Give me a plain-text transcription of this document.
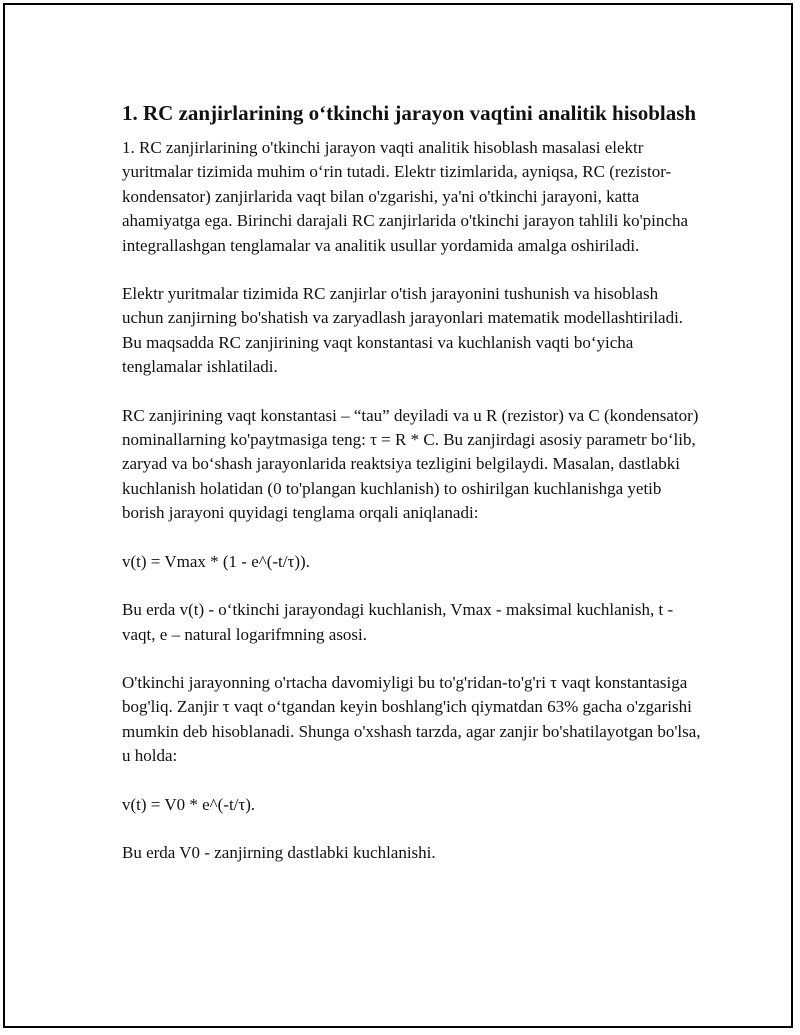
1. RC zanjirlarining o‘tkinchi jarayon vaqtini analitik hisoblash

1. RC zanjirlarining o'tkinchi jarayon vaqti analitik hisoblash masalasi elektr yuritmalar tizimida muhim o‘rin tutadi. Elektr tizimlarida, ayniqsa, RC (rezistor-kondensator) zanjirlarida vaqt bilan o'zgarishi, ya'ni o'tkinchi jarayoni, katta ahamiyatga ega. Birinchi darajali RC zanjirlarida o'tkinchi jarayon tahlili ko'pincha integrallashgan tenglamalar va analitik usullar yordamida amalga oshiriladi.

Elektr yuritmalar tizimida RC zanjirlar o'tish jarayonini tushunish va hisoblash uchun zanjirning bo'shatish va zaryadlash jarayonlari matematik modellashtiriladi. Bu maqsadda RC zanjirining vaqt konstantasi va kuchlanish vaqti bo‘yicha tenglamalar ishlatiladi.

RC zanjirining vaqt konstantasi – “tau” deyiladi va u R (rezistor) va C (kondensator) nominallarning ko'paytmasiga teng: τ = R * C. Bu zanjirdagi asosiy parametr bo‘lib, zaryad va bo‘shash jarayonlarida reaktsiya tezligini belgilaydi. Masalan, dastlabki kuchlanish holatidan (0 to'plangan kuchlanish) to oshirilgan kuchlanishga yetib borish jarayoni quyidagi tenglama orqali aniqlanadi:

v(t) = Vmax * (1 - e^(-t/τ)).

Bu erda v(t) - o‘tkinchi jarayondagi kuchlanish, Vmax - maksimal kuchlanish, t - vaqt, e – natural logarifmning asosi.

O'tkinchi jarayonning o'rtacha davomiyligi bu to'g'ridan-to'g'ri τ vaqt konstantasiga bog'liq. Zanjir τ vaqt o‘tgandan keyin boshlang'ich qiymatdan 63% gacha o'zgarishi mumkin deb hisoblanadi. Shunga o'xshash tarzda, agar zanjir bo'shatilayotgan bo'lsa, u holda:

v(t) = V0 * e^(-t/τ).

Bu erda V0 - zanjirning dastlabki kuchlanishi.
